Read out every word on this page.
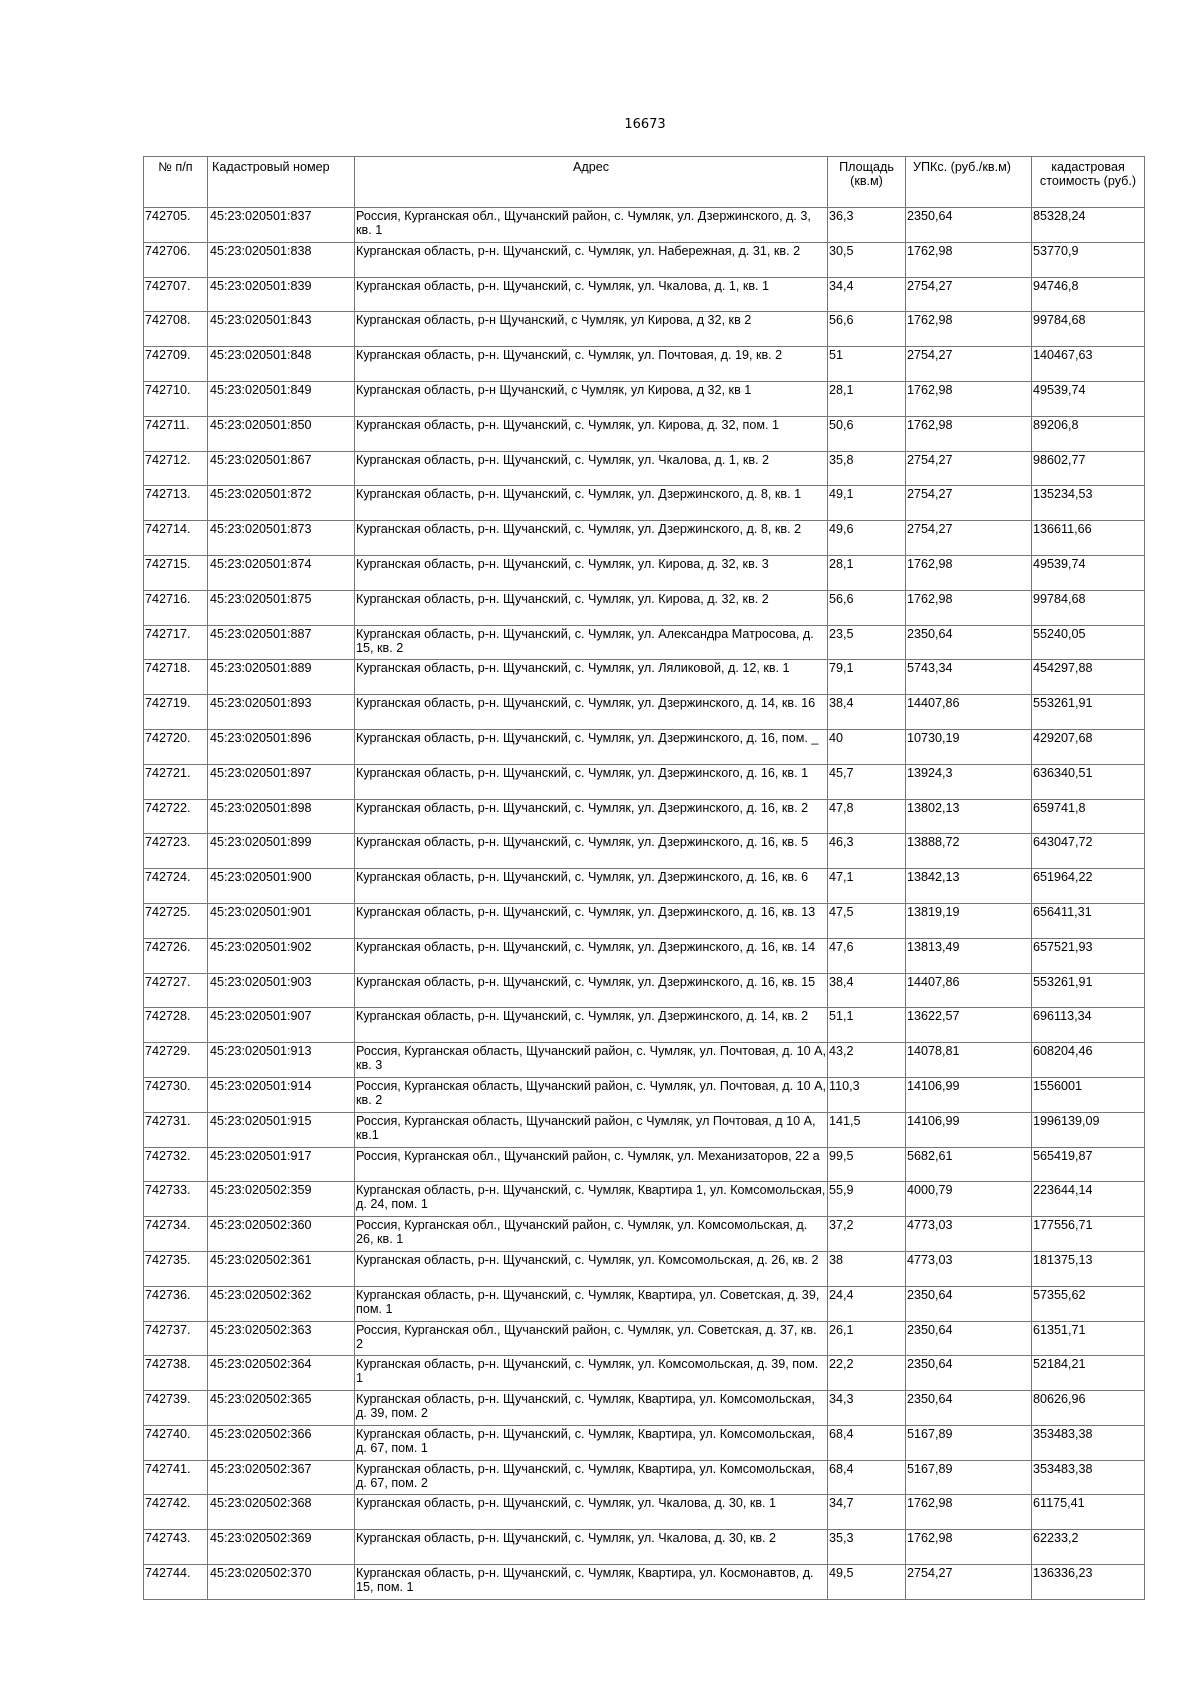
16673
№ п/п	Кадастровый номер	Адрес	Площадь (кв.м)	УПКс. (руб./кв.м)	кадастровая стоимость (руб.)
742705.	45:23:020501:837	Россия, Курганская обл., Щучанский район, с. Чумляк, ул. Дзержинского, д. 3, кв. 1	36,3	2350,64	85328,24
742706.	45:23:020501:838	Курганская область, р-н. Щучанский, с. Чумляк, ул. Набережная, д. 31, кв. 2	30,5	1762,98	53770,9
742707.	45:23:020501:839	Курганская область, р-н. Щучанский, с. Чумляк, ул. Чкалова, д. 1, кв. 1	34,4	2754,27	94746,8
742708.	45:23:020501:843	Курганская область, р-н Щучанский, с Чумляк, ул Кирова, д 32, кв 2	56,6	1762,98	99784,68
742709.	45:23:020501:848	Курганская область, р-н. Щучанский, с. Чумляк, ул. Почтовая, д. 19, кв. 2	51	2754,27	140467,63
742710.	45:23:020501:849	Курганская область, р-н Щучанский, с Чумляк, ул Кирова, д 32, кв 1	28,1	1762,98	49539,74
742711.	45:23:020501:850	Курганская область, р-н. Щучанский, с. Чумляк, ул. Кирова, д. 32, пом. 1	50,6	1762,98	89206,8
742712.	45:23:020501:867	Курганская область, р-н. Щучанский, с. Чумляк, ул. Чкалова, д. 1, кв. 2	35,8	2754,27	98602,77
742713.	45:23:020501:872	Курганская область, р-н. Щучанский, с. Чумляк, ул. Дзержинского, д. 8, кв. 1	49,1	2754,27	135234,53
742714.	45:23:020501:873	Курганская область, р-н. Щучанский, с. Чумляк, ул. Дзержинского, д. 8, кв. 2	49,6	2754,27	136611,66
742715.	45:23:020501:874	Курганская область, р-н. Щучанский, с. Чумляк, ул. Кирова, д. 32, кв. 3	28,1	1762,98	49539,74
742716.	45:23:020501:875	Курганская область, р-н. Щучанский, с. Чумляк, ул. Кирова, д. 32, кв. 2	56,6	1762,98	99784,68
742717.	45:23:020501:887	Курганская область, р-н. Щучанский, с. Чумляк, ул. Александра Матросова, д. 15, кв. 2	23,5	2350,64	55240,05
742718.	45:23:020501:889	Курганская область, р-н. Щучанский, с. Чумляк, ул. Ляликовой, д. 12, кв. 1	79,1	5743,34	454297,88
742719.	45:23:020501:893	Курганская область, р-н. Щучанский, с. Чумляк, ул. Дзержинского, д. 14, кв. 16	38,4	14407,86	553261,91
742720.	45:23:020501:896	Курганская область, р-н. Щучанский, с. Чумляк, ул. Дзержинского, д. 16, пом. _	40	10730,19	429207,68
742721.	45:23:020501:897	Курганская область, р-н. Щучанский, с. Чумляк, ул. Дзержинского, д. 16, кв. 1	45,7	13924,3	636340,51
742722.	45:23:020501:898	Курганская область, р-н. Щучанский, с. Чумляк, ул. Дзержинского, д. 16, кв. 2	47,8	13802,13	659741,8
742723.	45:23:020501:899	Курганская область, р-н. Щучанский, с. Чумляк, ул. Дзержинского, д. 16, кв. 5	46,3	13888,72	643047,72
742724.	45:23:020501:900	Курганская область, р-н. Щучанский, с. Чумляк, ул. Дзержинского, д. 16, кв. 6	47,1	13842,13	651964,22
742725.	45:23:020501:901	Курганская область, р-н. Щучанский, с. Чумляк, ул. Дзержинского, д. 16, кв. 13	47,5	13819,19	656411,31
742726.	45:23:020501:902	Курганская область, р-н. Щучанский, с. Чумляк, ул. Дзержинского, д. 16, кв. 14	47,6	13813,49	657521,93
742727.	45:23:020501:903	Курганская область, р-н. Щучанский, с. Чумляк, ул. Дзержинского, д. 16, кв. 15	38,4	14407,86	553261,91
742728.	45:23:020501:907	Курганская область, р-н. Щучанский, с. Чумляк, ул. Дзержинского, д. 14, кв. 2	51,1	13622,57	696113,34
742729.	45:23:020501:913	Россия, Курганская область, Щучанский район, с. Чумляк, ул. Почтовая, д. 10 А, кв. 3	43,2	14078,81	608204,46
742730.	45:23:020501:914	Россия, Курганская область, Щучанский район, с. Чумляк, ул. Почтовая, д. 10 А, кв. 2	110,3	14106,99	1556001
742731.	45:23:020501:915	Россия, Курганская область, Щучанский район, с Чумляк, ул Почтовая, д 10 А, кв.1	141,5	14106,99	1996139,09
742732.	45:23:020501:917	Россия, Курганская обл., Щучанский район, с. Чумляк, ул. Механизаторов, 22 а	99,5	5682,61	565419,87
742733.	45:23:020502:359	Курганская область, р-н. Щучанский, с. Чумляк, Квартира 1, ул. Комсомольская, д. 24, пом. 1	55,9	4000,79	223644,14
742734.	45:23:020502:360	Россия, Курганская обл., Щучанский район, с. Чумляк, ул. Комсомольская, д. 26, кв. 1	37,2	4773,03	177556,71
742735.	45:23:020502:361	Курганская область, р-н. Щучанский, с. Чумляк, ул. Комсомольская, д. 26, кв. 2	38	4773,03	181375,13
742736.	45:23:020502:362	Курганская область, р-н. Щучанский, с. Чумляк, Квартира, ул. Советская, д. 39, пом. 1	24,4	2350,64	57355,62
742737.	45:23:020502:363	Россия, Курганская обл., Щучанский район, с. Чумляк, ул. Советская, д. 37, кв. 2	26,1	2350,64	61351,71
742738.	45:23:020502:364	Курганская область, р-н. Щучанский, с. Чумляк, ул. Комсомольская, д. 39, пом. 1	22,2	2350,64	52184,21
742739.	45:23:020502:365	Курганская область, р-н. Щучанский, с. Чумляк, Квартира, ул. Комсомольская, д. 39, пом. 2	34,3	2350,64	80626,96
742740.	45:23:020502:366	Курганская область, р-н. Щучанский, с. Чумляк, Квартира, ул. Комсомольская, д. 67, пом. 1	68,4	5167,89	353483,38
742741.	45:23:020502:367	Курганская область, р-н. Щучанский, с. Чумляк, Квартира, ул. Комсомольская, д. 67, пом. 2	68,4	5167,89	353483,38
742742.	45:23:020502:368	Курганская область, р-н. Щучанский, с. Чумляк, ул. Чкалова, д. 30, кв. 1	34,7	1762,98	61175,41
742743.	45:23:020502:369	Курганская область, р-н. Щучанский, с. Чумляк, ул. Чкалова, д. 30, кв. 2	35,3	1762,98	62233,2
742744.	45:23:020502:370	Курганская область, р-н. Щучанский, с. Чумляк, Квартира, ул. Космонавтов, д. 15, пом. 1	49,5	2754,27	136336,23
